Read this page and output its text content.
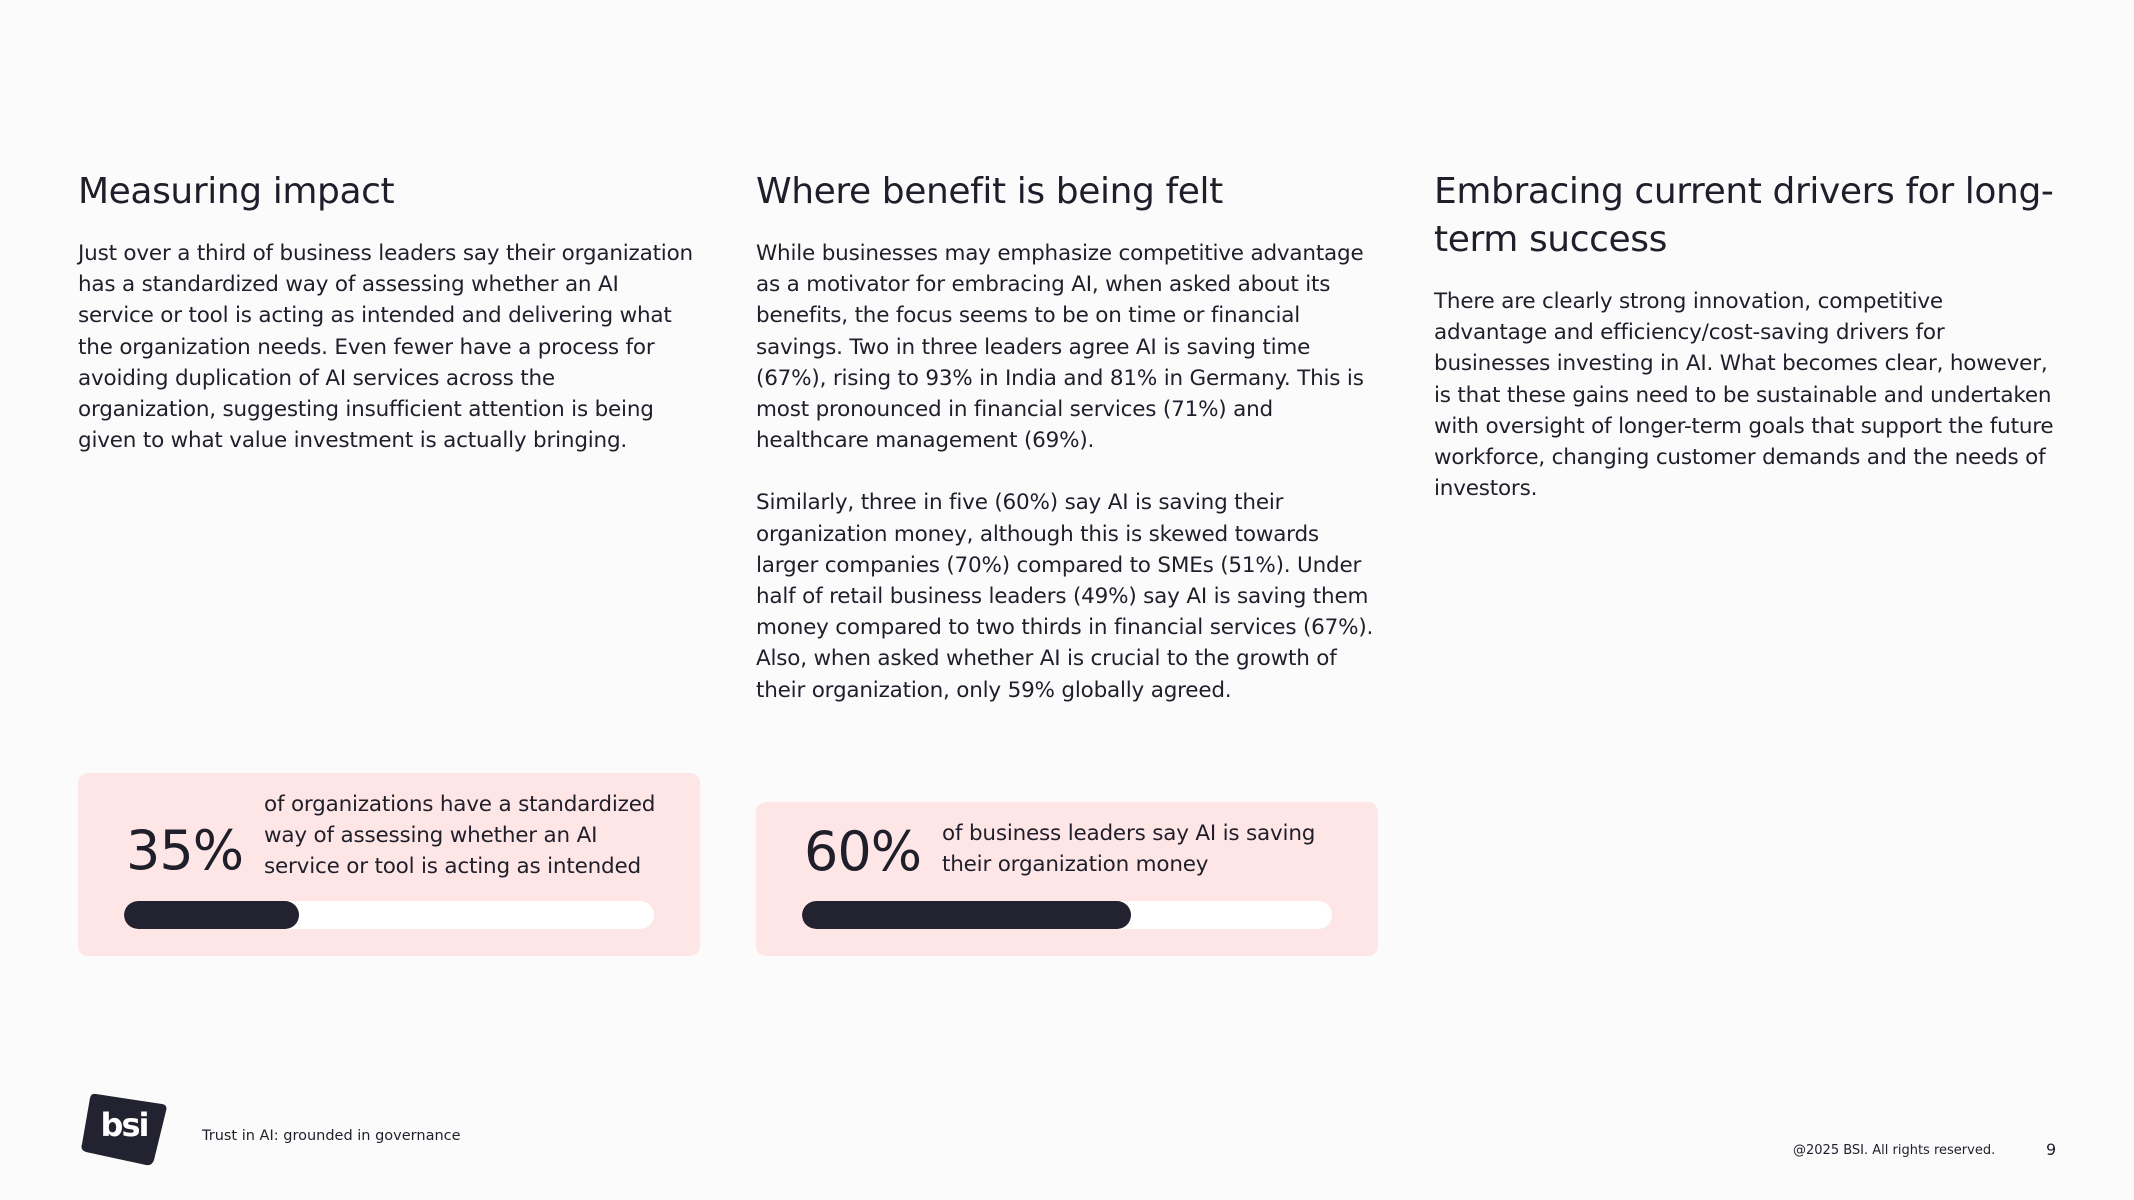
Measuring impact

Just over a third of business leaders say their organization has a standardized way of assessing whether an AI service or tool is acting as intended and delivering what the organization needs. Even fewer have a process for avoiding duplication of AI services across the organization, suggesting insufficient attention is being given to what value investment is actually bringing.

Where benefit is being felt

While businesses may emphasize competitive advantage as a motivator for embracing AI, when asked about its benefits, the focus seems to be on time or financial savings. Two in three leaders agree AI is saving time (67%), rising to 93% in India and 81% in Germany. This is most pronounced in financial services (71%) and healthcare management (69%).

Similarly, three in five (60%) say AI is saving their organization money, although this is skewed towards larger companies (70%) compared to SMEs (51%). Under half of retail business leaders (49%) say AI is saving them money compared to two thirds in financial services (67%). Also, when asked whether AI is crucial to the growth of their organization, only 59% globally agreed.

Embracing current drivers for long-term success

There are clearly strong innovation, competitive advantage and efficiency/cost-saving drivers for businesses investing in AI. What becomes clear, however, is that these gains need to be sustainable and undertaken with oversight of longer-term goals that support the future workforce, changing customer demands and the needs of investors.

35%
of organizations have a standardized way of assessing whether an AI service or tool is acting as intended	60% of business leaders say AI is saving their organization money
bsi	Trust in AI: grounded in governance
@2025 BSI. All rights reserved.	9
